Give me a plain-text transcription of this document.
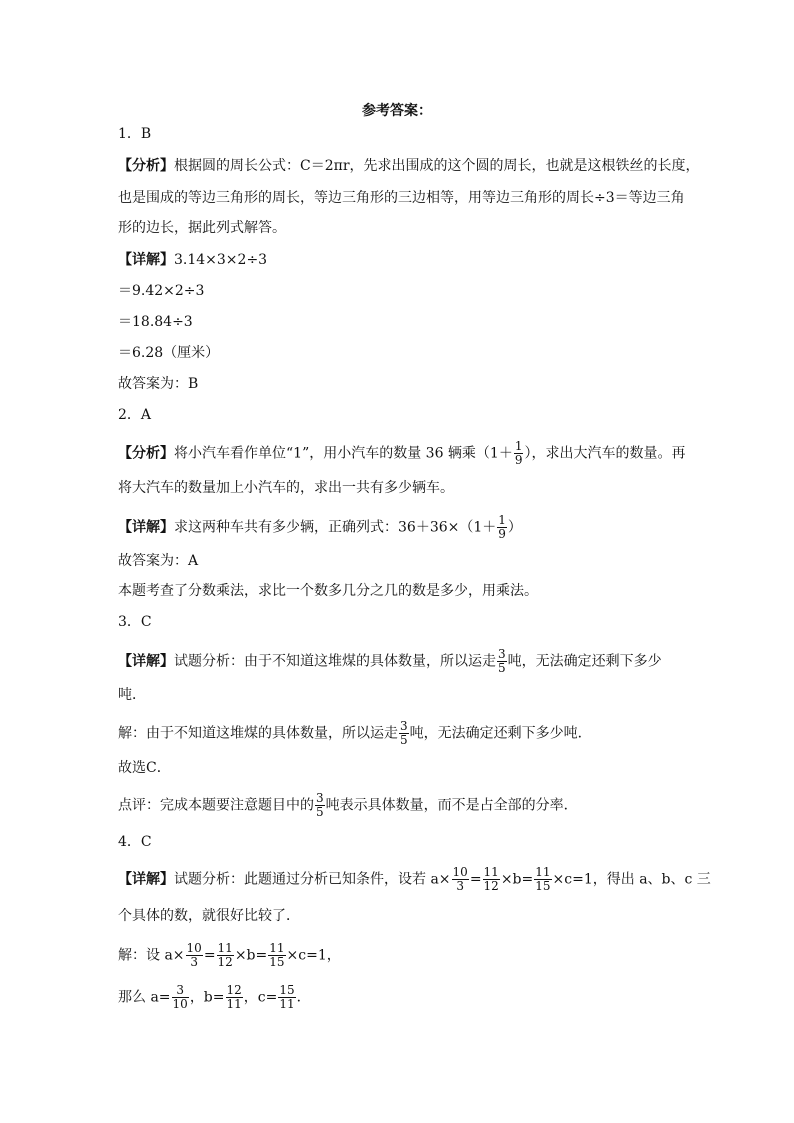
参考答案：
1．B
【分析】根据圆的周长公式：C＝2πr，先求出围成的这个圆的周长，也就是这根铁丝的长度，
也是围成的等边三角形的周长，等边三角形的三边相等，用等边三角形的周长÷3＝等边三角
形的边长，据此列式解答。
【详解】3.14×3×2÷3
＝9.42×2÷3
＝18.84÷3
＝6.28（厘米）
故答案为：B
2．A
【分析】将小汽车看作单位“1”，用小汽车的数量 36 辆乘（$1+ \frac{1}{9}$ ），求出大汽车的数量。再
将大汽车的数量加上小汽车的，求出一共有多少辆车。
【详解】求这两种车共有多少辆，正确列式：$36+36\times(1+ \frac{1}{9}$ ）
故答案为：A
本题考查了分数乘法，求比一个数多几分之几的数是多少，用乘法。
3．C
【详解】试题分析：由于不知道这堆煤的具体数量，所以运走 $\frac{3}{5}$ 吨，无法确定还剩下多少
吨．
解：由于不知道这堆煤的具体数量，所以运走 $\frac{3}{5}$ 吨，无法确定还剩下多少吨．
故选C．
点评：完成本题要注意题目中的 $\frac{3}{5}$ 吨表示具体数量，而不是占全部的分率．
4．C
【详解】试题分析：此题通过分析已知条件，设若 $a\times \frac{10}{3} = \frac{11}{12} \times b= \frac{11}{15} \times c=1$，得出 a、b、c 三
个具体的数，就很好比较了．
解：设 $a\times \frac{10}{3} = \frac{11}{12} \times b= \frac{11}{15} \times c=1$，
那么 $a= \frac{3}{10}$ ，$b= \frac{12}{11}$ ，$c= \frac{15}{11}$ ．
